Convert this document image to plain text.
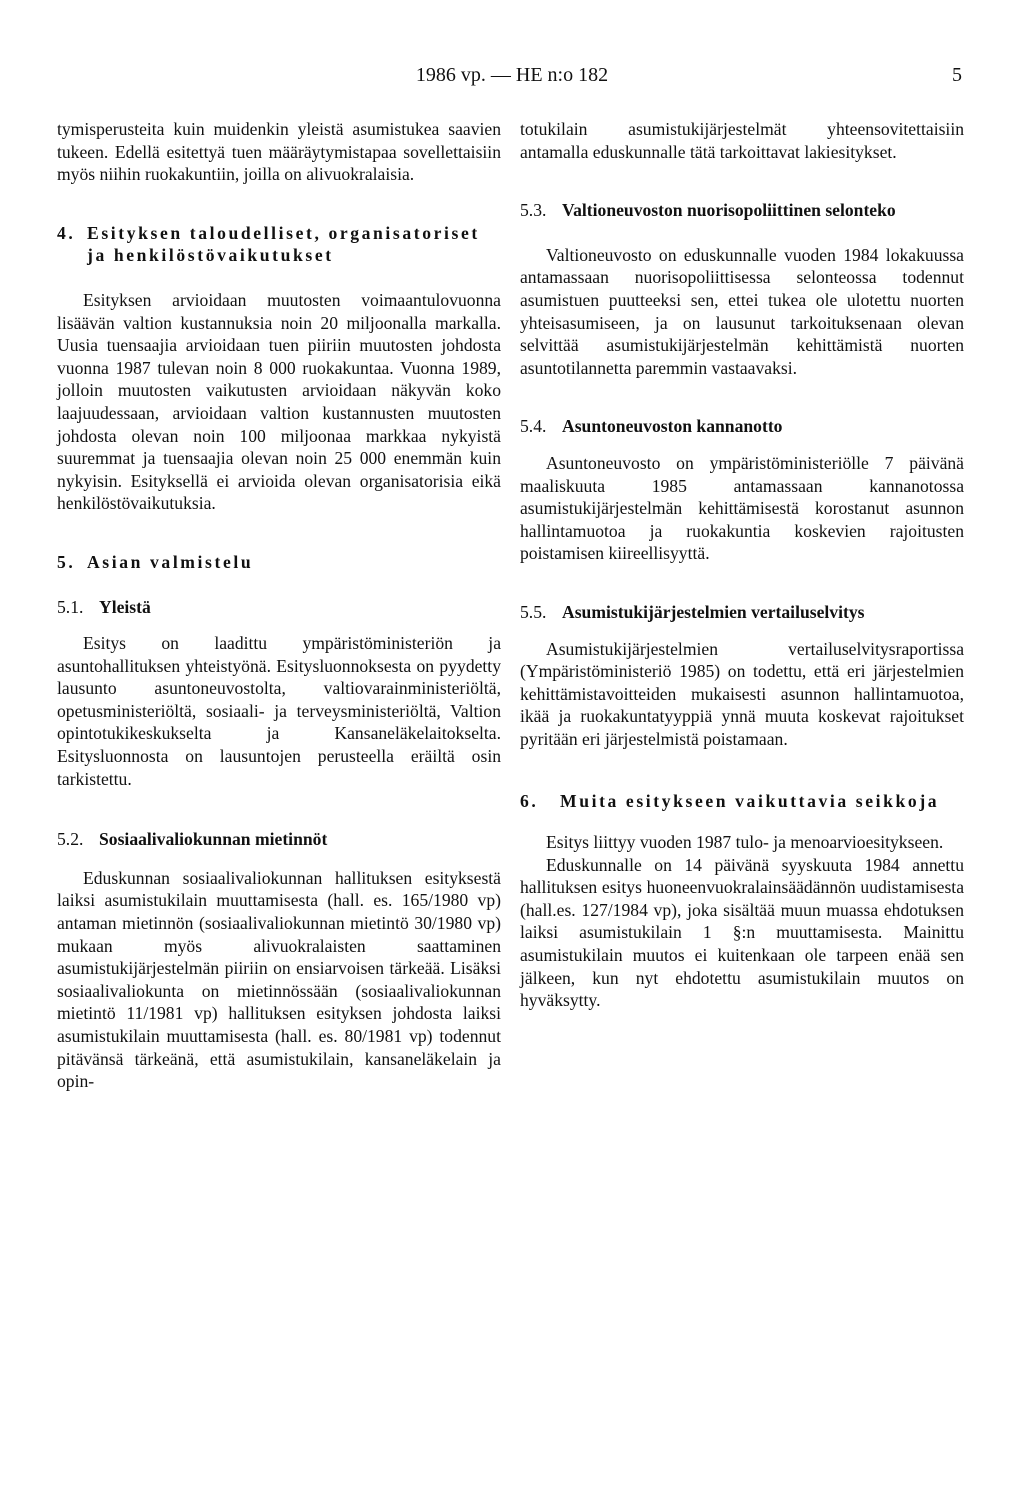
1986 vp. — HE n:o 182	5

tymisperusteita kuin muidenkin yleistä asumistukea saavien tukeen. Edellä esitettyä tuen määräytymistapaa sovellettaisiin myös niihin ruokakuntiin, joilla on alivuokralaisia.

4. Esityksen taloudelliset, organisatoriset ja henkilöstövaikutukset

Esityksen arvioidaan muutosten voimaantulovuonna lisäävän valtion kustannuksia noin 20 miljoonalla markalla. Uusia tuensaajia arvioidaan tuen piiriin muutosten johdosta vuonna 1987 tulevan noin 8 000 ruokakuntaa. Vuonna 1989, jolloin muutosten vaikutusten arvioidaan näkyvän koko laajuudessaan, arvioidaan valtion kustannusten muutosten johdosta olevan noin 100 miljoonaa markkaa nykyistä suuremmat ja tuensaajia olevan noin 25 000 enemmän kuin nykyisin. Esityksellä ei arvioida olevan organisatorisia eikä henkilöstövaikutuksia.

5. Asian valmistelu
5.1. Yleistä

Esitys on laadittu ympäristöministeriön ja asuntohallituksen yhteistyönä. Esitysluonnoksesta on pyydetty lausunto asuntoneuvostolta, valtiovarainministeriöltä, opetusministeriöltä, sosiaali- ja terveysministeriöltä, Valtion opintotukikeskukselta ja Kansaneläkelaitokselta. Esitysluonnosta on lausuntojen perusteella eräiltä osin tarkistettu.

5.2. Sosiaalivaliokunnan mietinnöt

Eduskunnan sosiaalivaliokunnan hallituksen esityksestä laiksi asumistukilain muuttamisesta (hall. es. 165/1980 vp) antaman mietinnön (sosiaalivaliokunnan mietintö 30/1980 vp) mukaan myös alivuokralaisten saattaminen asumistukijärjestelmän piiriin on ensiarvoisen tärkeää. Lisäksi sosiaalivaliokunta on mietinnössään (sosiaalivaliokunnan mietintö 11/1981 vp) hallituksen esityksen johdosta laiksi asumistukilain muuttamisesta (hall. es. 80/1981 vp) todennut pitävänsä tärkeänä, että asumistukilain, kansaneläkelain ja opin-

totukilain asumistukijärjestelmät yhteensovitettaisiin antamalla eduskunnalle tätä tarkoittavat lakiesitykset.

5.3. Valtioneuvoston nuorisopoliittinen selonteko

Valtioneuvosto on eduskunnalle vuoden 1984 lokakuussa antamassaan nuorisopoliittisessa selonteossa todennut asumistuen puutteeksi sen, ettei tukea ole ulotettu nuorten yhteisasumiseen, ja on lausunut tarkoituksenaan olevan selvittää asumistukijärjestelmän kehittämistä nuorten asuntotilannetta paremmin vastaavaksi.

5.4. Asuntoneuvoston kannanotto

Asuntoneuvosto on ympäristöministeriölle 7 päivänä maaliskuuta 1985 antamassaan kannanotossa asumistukijärjestelmän kehittämisestä korostanut asunnon hallintamuotoa ja ruokakuntia koskevien rajoitusten poistamisen kiireellisyyttä.

5.5. Asumistukijärjestelmien vertailuselvitys

Asumistukijärjestelmien vertailuselvitysraportissa (Ympäristöministeriö 1985) on todettu, että eri järjestelmien kehittämistavoitteiden mukaisesti asunnon hallintamuotoa, ikää ja ruokakuntatyyppiä ynnä muuta koskevat rajoitukset pyritään eri järjestelmistä poistamaan.

6.	Muita esitykseen vaikuttavia seikkoja

Esitys liittyy vuoden 1987 tulo- ja menoarvioesitykseen.

Eduskunnalle on 14 päivänä syyskuuta 1984 annettu hallituksen esitys huoneenvuokralainsäädännön uudistamisesta (hall.es. 127/1984 vp), joka sisältää muun muassa ehdotuksen laiksi asumistukilain 1 §:n muuttamisesta. Mainittu asumistukilain muutos ei kuitenkaan ole tarpeen enää sen jälkeen, kun nyt ehdotettu asumistukilain muutos on hyväksytty.
